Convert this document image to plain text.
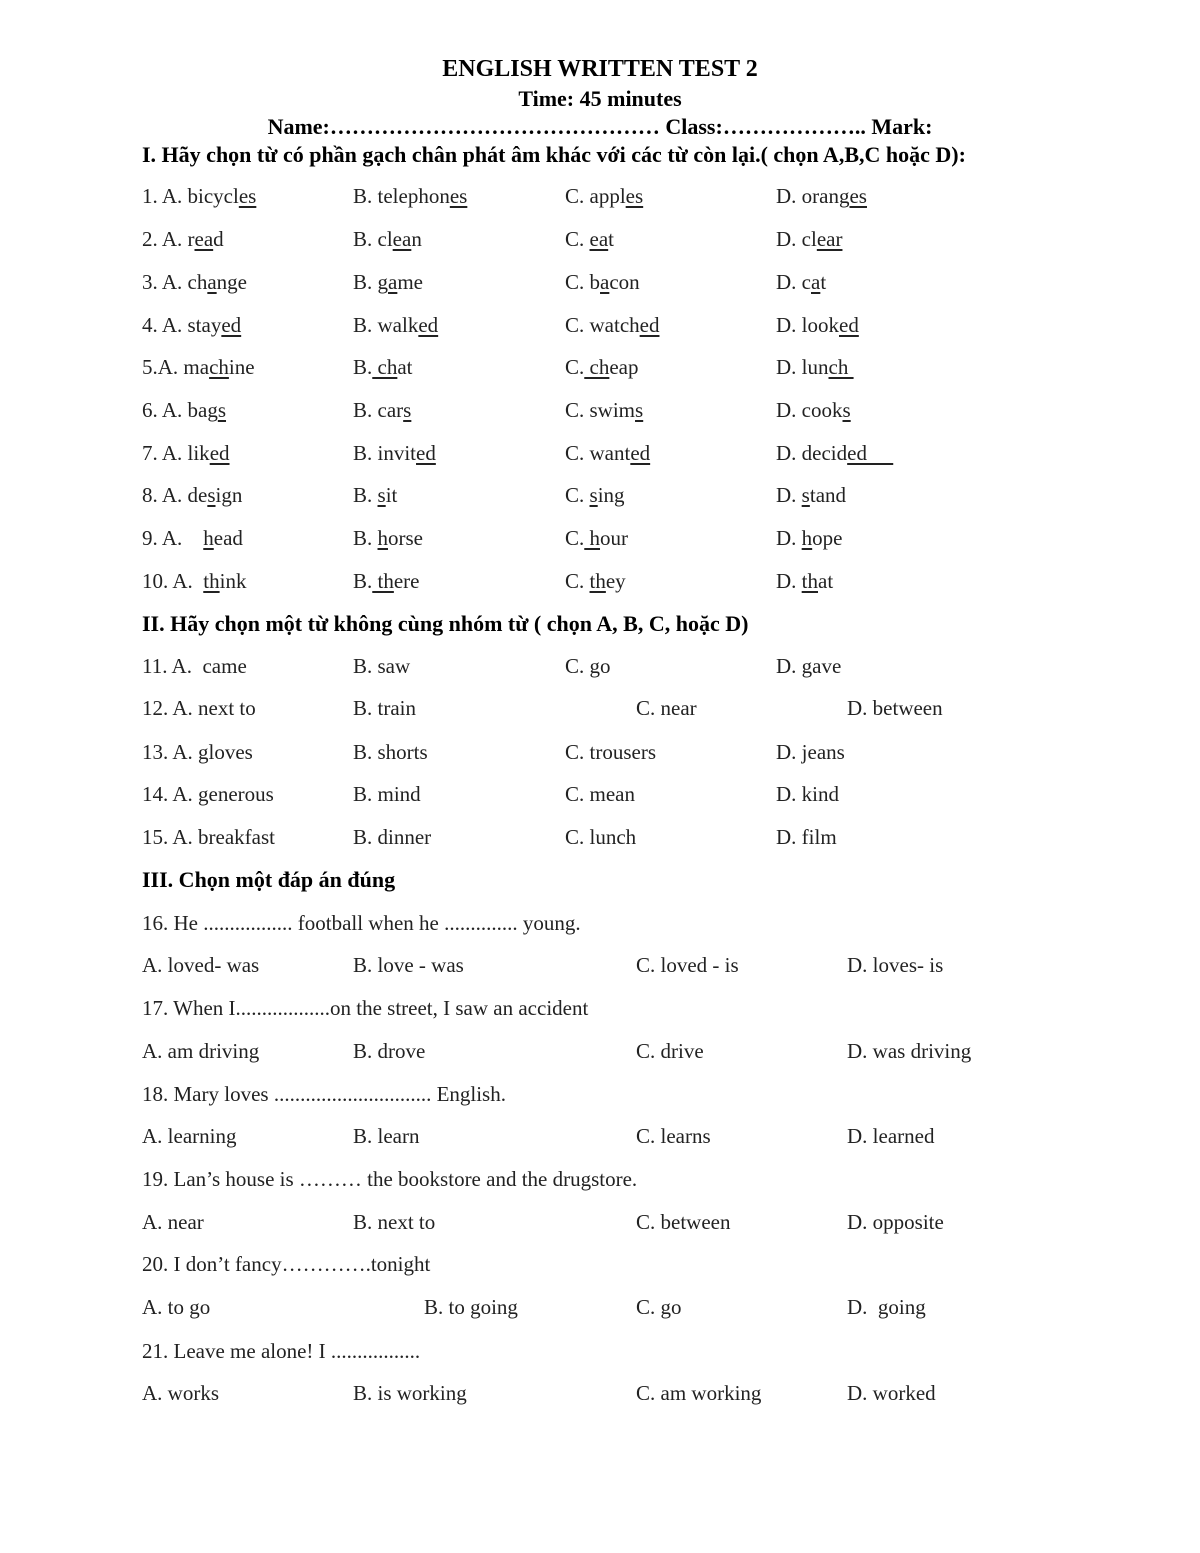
ENGLISH WRITTEN TEST 2
Time: 45 minutes
Name:……………………………………… Class:……………….. Mark:
I. Hãy chọn từ có phần gạch chân phát âm khác với các từ còn lại.( chọn A,B,C hoặc D):
1. A. bicycles	B. telephones	C. apples	D. oranges
2. A. read	B. clean	C. eat	D. clear
3. A. change	B. game	C. bacon	D. cat
4. A. stayed	B. walked	C. watched	D. looked
5.A. machine	B. chat	C. cheap	D. lunch
6. A. bags	B. cars	C. swims	D. cooks
7. A. liked	B. invited	C. wanted	D. decided
8. A. design	B. sit	C. sing	D. stand
9. A.    head	B. horse	C. hour	D. hope
10. A.  think	B. there	C. they	D. that
II. Hãy chọn một từ không cùng nhóm từ ( chọn A, B, C, hoặc D)
11. A.  came	B. saw	C. go	D. gave
12. A. next to	B. train	C. near	D. between
13. A. gloves	B. shorts	C. trousers	D. jeans
14. A. generous	B. mind	C. mean	D. kind
15. A. breakfast	B. dinner	C. lunch	D. film
III. Chọn một đáp án đúng
16. He ................. football when he .............. young.
A. loved- was	B. love - was	C. loved - is	D. loves- is
17. When I..................on the street, I saw an accident
A. am driving	B. drove	C. drive	D. was driving
18. Mary loves .............................. English.
A. learning	B. learn	C. learns	D. learned
19. Lan’s house is ……… the bookstore and the drugstore.
A. near	B. next to	C. between	D. opposite
20. I don’t fancy………….tonight
A. to go	B. to going	C. go	D.  going
21. Leave me alone! I .................
A. works	B. is working	C. am working	D. worked
